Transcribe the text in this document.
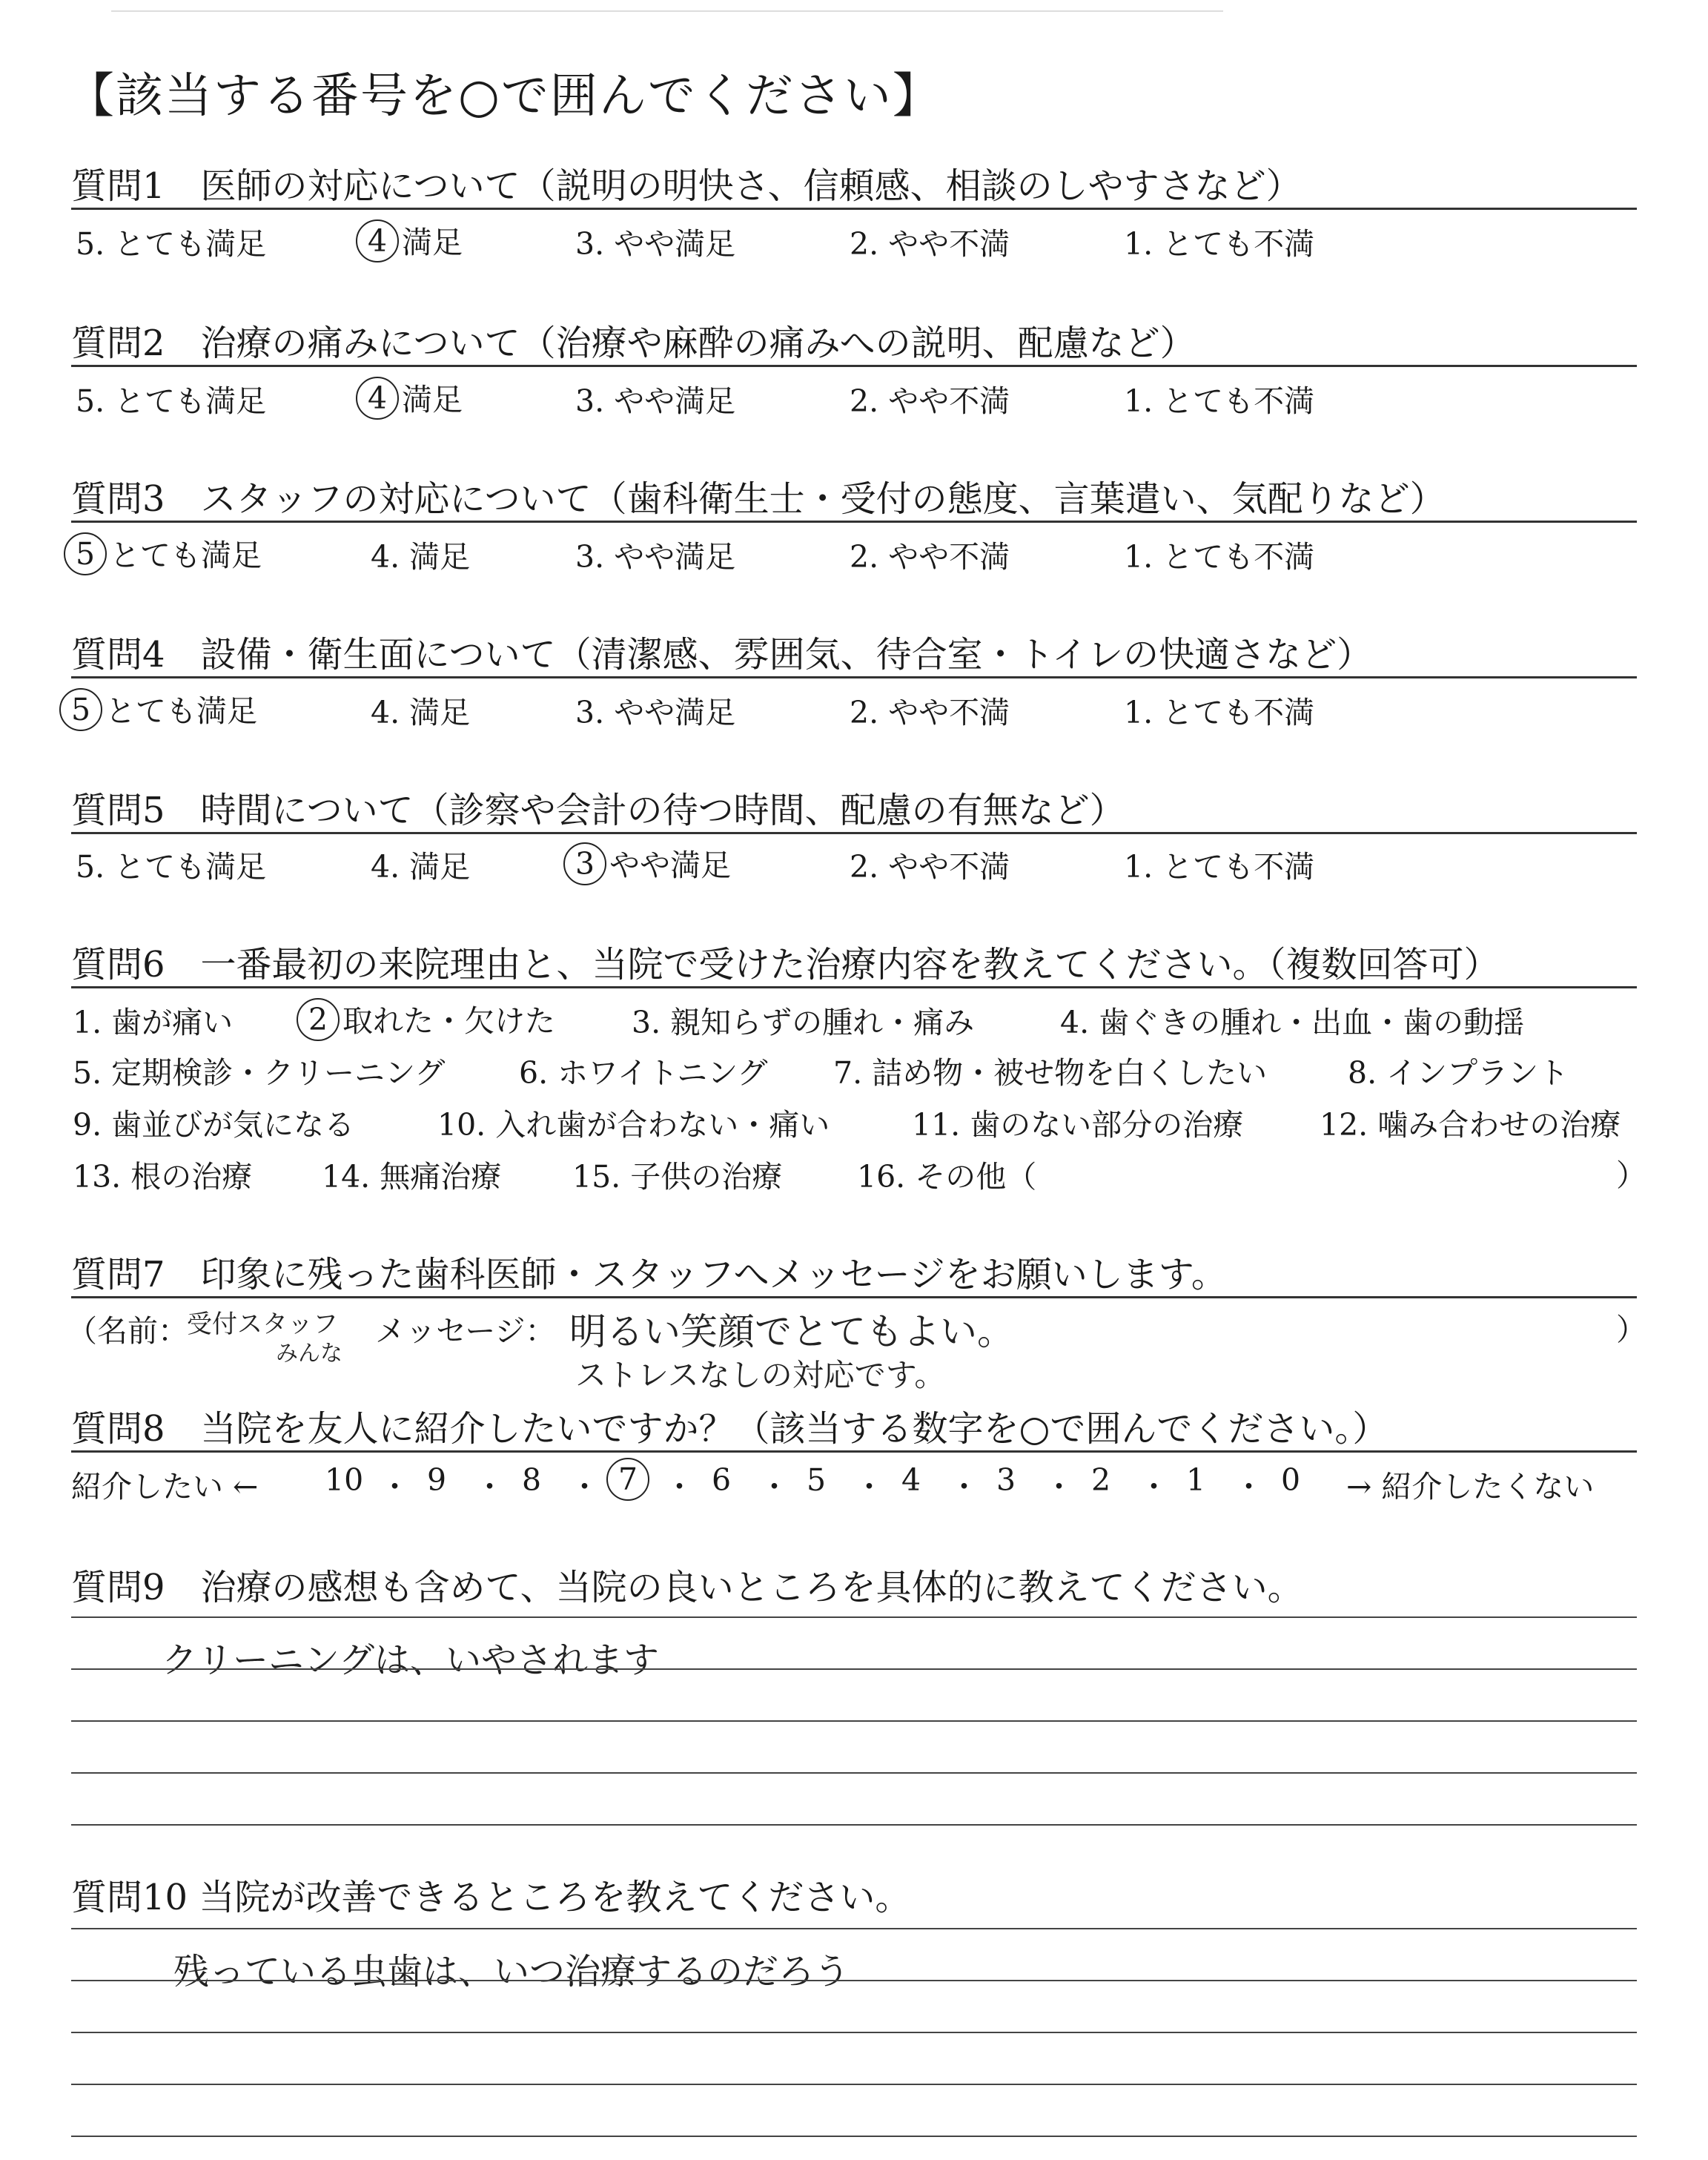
【該当する番号を○で囲んでください】
質問1　医師の対応について（説明の明快さ、信頼感、相談のしやすさなど）
5. とても満足	4 満足	3. やや満足	2. やや不満	1. とても不満
質問2　治療の痛みについて（治療や麻酔の痛みへの説明、配慮など）
5. とても満足	4 満足	3. やや満足	2. やや不満	1. とても不満
質問3　スタッフの対応について（歯科衛生士・受付の態度、言葉遣い、気配りなど）
5 とても満足	4. 満足	3. やや満足	2. やや不満	1. とても不満
質問4　設備・衛生面について（清潔感、雰囲気、待合室・トイレの快適さなど）
5 とても満足	4. 満足	3. やや満足	2. やや不満	1. とても不満
質問5　時間について（診察や会計の待つ時間、配慮の有無など）
5. とても満足	4. 満足	3 やや満足	2. やや不満	1. とても不満
質問6　一番最初の来院理由と、当院で受けた治療内容を教えてください。（複数回答可）
1. 歯が痛い	2 取れた・欠けた	3. 親知らずの腫れ・痛み	4. 歯ぐきの腫れ・出血・歯の動揺
5. 定期検診・クリーニング 6. ホワイトニング 7. 詰め物・被せ物を白くしたい	8. インプラント
9. 歯並びが気になる	10. 入れ歯が合わない・痛い	11. 歯のない部分の治療	12. 噛み合わせの治療
13. 根の治療 14. 無痛治療 15. 子供の治療 16. その他（	）
質問7　印象に残った歯科医師・スタッフへメッセージをお願いします。
（名前：
受付スタッフ
みんな
メッセージ： 明るい笑顔でとてもよい。
ストレスなしの対応です。
）
質問8　当院を友人に紹介したいですか？（該当する数字を○で囲んでください。）
紹介したい ← 10 ・ 9 ・ 8 ・ 7 ・ 6 ・ 5 ・ 4 ・ 3 ・ 2 ・ 1 ・ 0 → 紹介したくない
質問9　治療の感想も含めて、当院の良いところを具体的に教えてください。
クリーニングは、いやされます
質問10 当院が改善できるところを教えてください。
残っている虫歯は、いつ治療するのだろう
